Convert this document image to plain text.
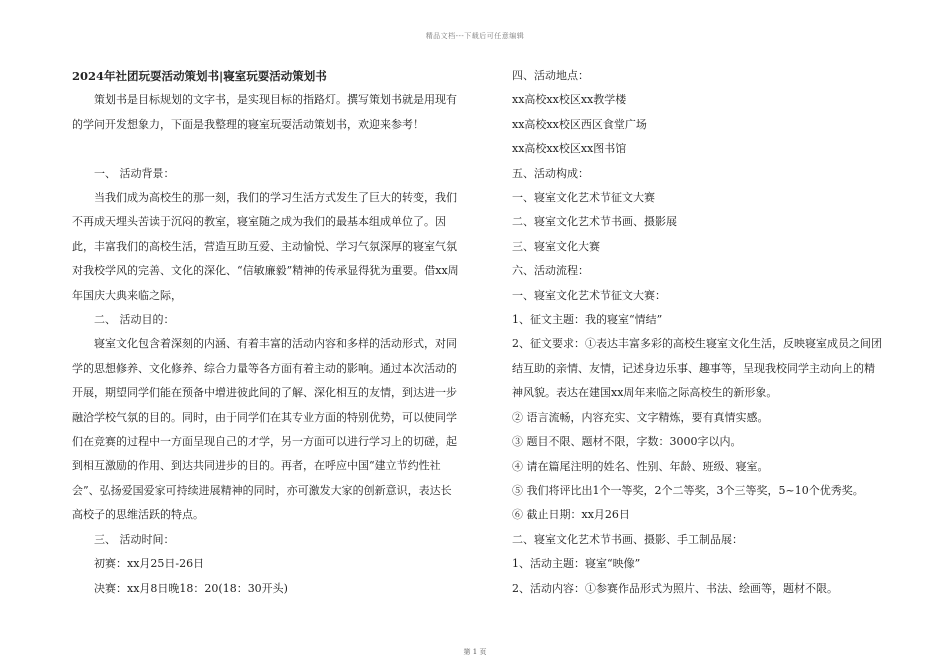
精品文档---下载后可任意编辑

2024年社团玩耍活动策划书|寝室玩耍活动策划书

策划书是目标规划的文字书，是实现目标的指路灯。撰写策划书就是用现有的学问开发想象力，下面是我整理的寝室玩耍活动策划书，欢迎来参考！

一、 活动背景：

当我们成为高校生的那一刻，我们的学习生活方式发生了巨大的转变，我们不再成天埋头苦读于沉闷的教室，寝室随之成为我们的最基本组成单位了。因此，丰富我们的高校生活，营造互助互爱、主动愉悦、学习气氛深厚的寝室气氛对我校学风的完善、文化的深化、“信敏廉毅”精神的传承显得犹为重要。借xx周年国庆大典来临之际，

二、 活动目的：

寝室文化包含着深刻的内涵、有着丰富的活动内容和多样的活动形式，对同学的思想修养、文化修养、综合力量等各方面有着主动的影响。通过本次活动的开展，期望同学们能在预备中增进彼此间的了解、深化相互的友情，到达进一步融洽学校气氛的目的。同时，由于同学们在其专业方面的特别优势，可以使同学们在竞赛的过程中一方面呈现自己的才学，另一方面可以进行学习上的切磋，起到相互激励的作用、到达共同进步的目的。再者，在呼应中国“建立节约性社会”、弘扬爱国爱家可持续进展精神的同时，亦可激发大家的创新意识，表达长高校子的思维活跃的特点。

三、 活动时间：

初赛：xx月25日-26日

决赛：xx月8日晚18：20(18：30开头)

四、活动地点：

xx高校xx校区xx教学楼

xx高校xx校区西区食堂广场

xx高校xx校区xx图书馆

五、活动构成：

一、寝室文化艺术节征文大赛

二、寝室文化艺术节书画、摄影展

三、寝室文化大赛

六、活动流程：

一、寝室文化艺术节征文大赛：

1、征文主题：我的寝室“情结”

2、征文要求：①表达丰富多彩的高校生寝室文化生活，反映寝室成员之间团结互助的亲情、友情，记述身边乐事、趣事等，呈现我校同学主动向上的精神风貌。表达在建国xx周年来临之际高校生的新形象。

② 语言流畅，内容充实、文字精炼，要有真情实感。

③ 题目不限、题材不限，字数：3000字以内。

④ 请在篇尾注明的姓名、性别、年龄、班级、寝室。

⑤ 我们将评比出1个一等奖，2个二等奖，3个三等奖，5~10个优秀奖。

⑥ 截止日期：xx月26日

二、寝室文化艺术节书画、摄影、手工制品展：

1、活动主题：寝室“映像”

2、活动内容：①参赛作品形式为照片、书法、绘画等，题材不限。

第 1 页
